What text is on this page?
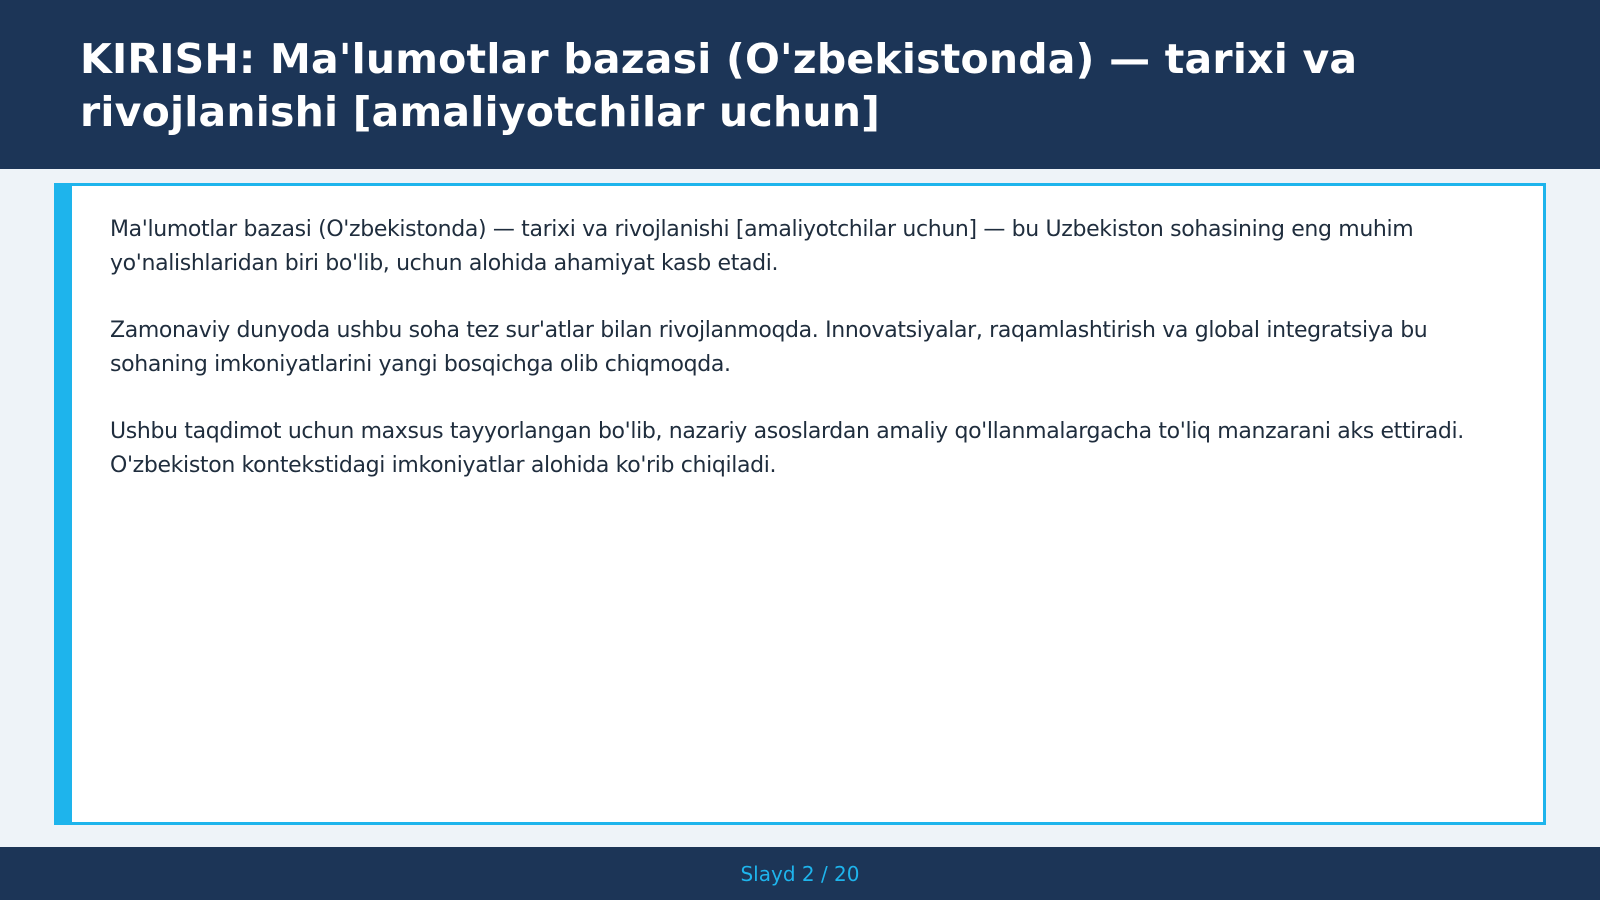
KIRISH: Ma'lumotlar bazasi (O'zbekistonda) — tarixi va rivojlanishi [amaliyotchilar uchun]

Ma'lumotlar bazasi (O'zbekistonda) — tarixi va rivojlanishi [amaliyotchilar uchun] — bu Uzbekiston sohasining eng muhim yo'nalishlaridan biri bo'lib, uchun alohida ahamiyat kasb etadi.

Zamonaviy dunyoda ushbu soha tez sur'atlar bilan rivojlanmoqda. Innovatsiyalar, raqamlashtirish va global integratsiya bu sohaning imkoniyatlarini yangi bosqichga olib chiqmoqda.

Ushbu taqdimot uchun maxsus tayyorlangan bo'lib, nazariy asoslardan amaliy qo'llanmalargacha to'liq manzarani aks ettiradi. O'zbekiston kontekstidagi imkoniyatlar alohida ko'rib chiqiladi.

Slayd 2 / 20
